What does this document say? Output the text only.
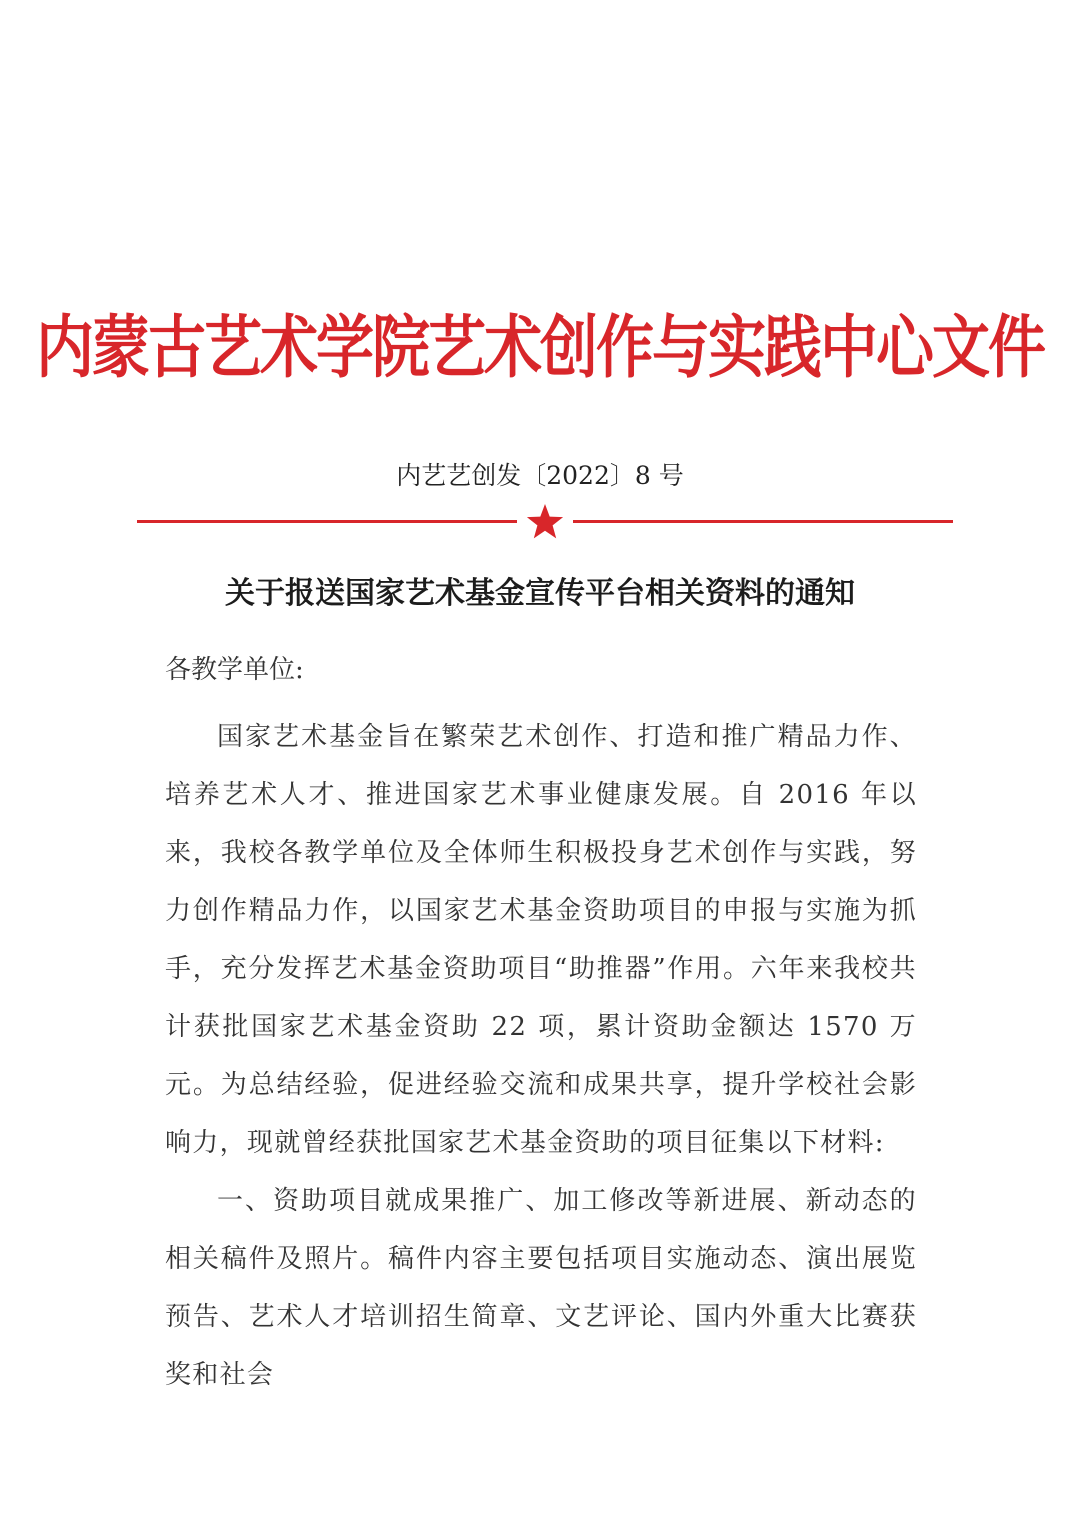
内蒙古艺术学院艺术创作与实践中心文件
内艺艺创发〔2022〕8 号
关于报送国家艺术基金宣传平台相关资料的通知
各教学单位:

国家艺术基金旨在繁荣艺术创作、打造和推广精品力作、培养艺术人才、推进国家艺术事业健康发展。自 2016 年以来，我校各教学单位及全体师生积极投身艺术创作与实践，努力创作精品力作，以国家艺术基金资助项目的申报与实施为抓手，充分发挥艺术基金资助项目“助推器”作用。六年来我校共计获批国家艺术基金资助 22 项，累计资助金额达 1570 万元。为总结经验，促进经验交流和成果共享，提升学校社会影响力，现就曾经获批国家艺术基金资助的项目征集以下材料:

一、资助项目就成果推广、加工修改等新进展、新动态的相关稿件及照片。稿件内容主要包括项目实施动态、演出展览预告、艺术人才培训招生简章、文艺评论、国内外重大比赛获奖和社会
